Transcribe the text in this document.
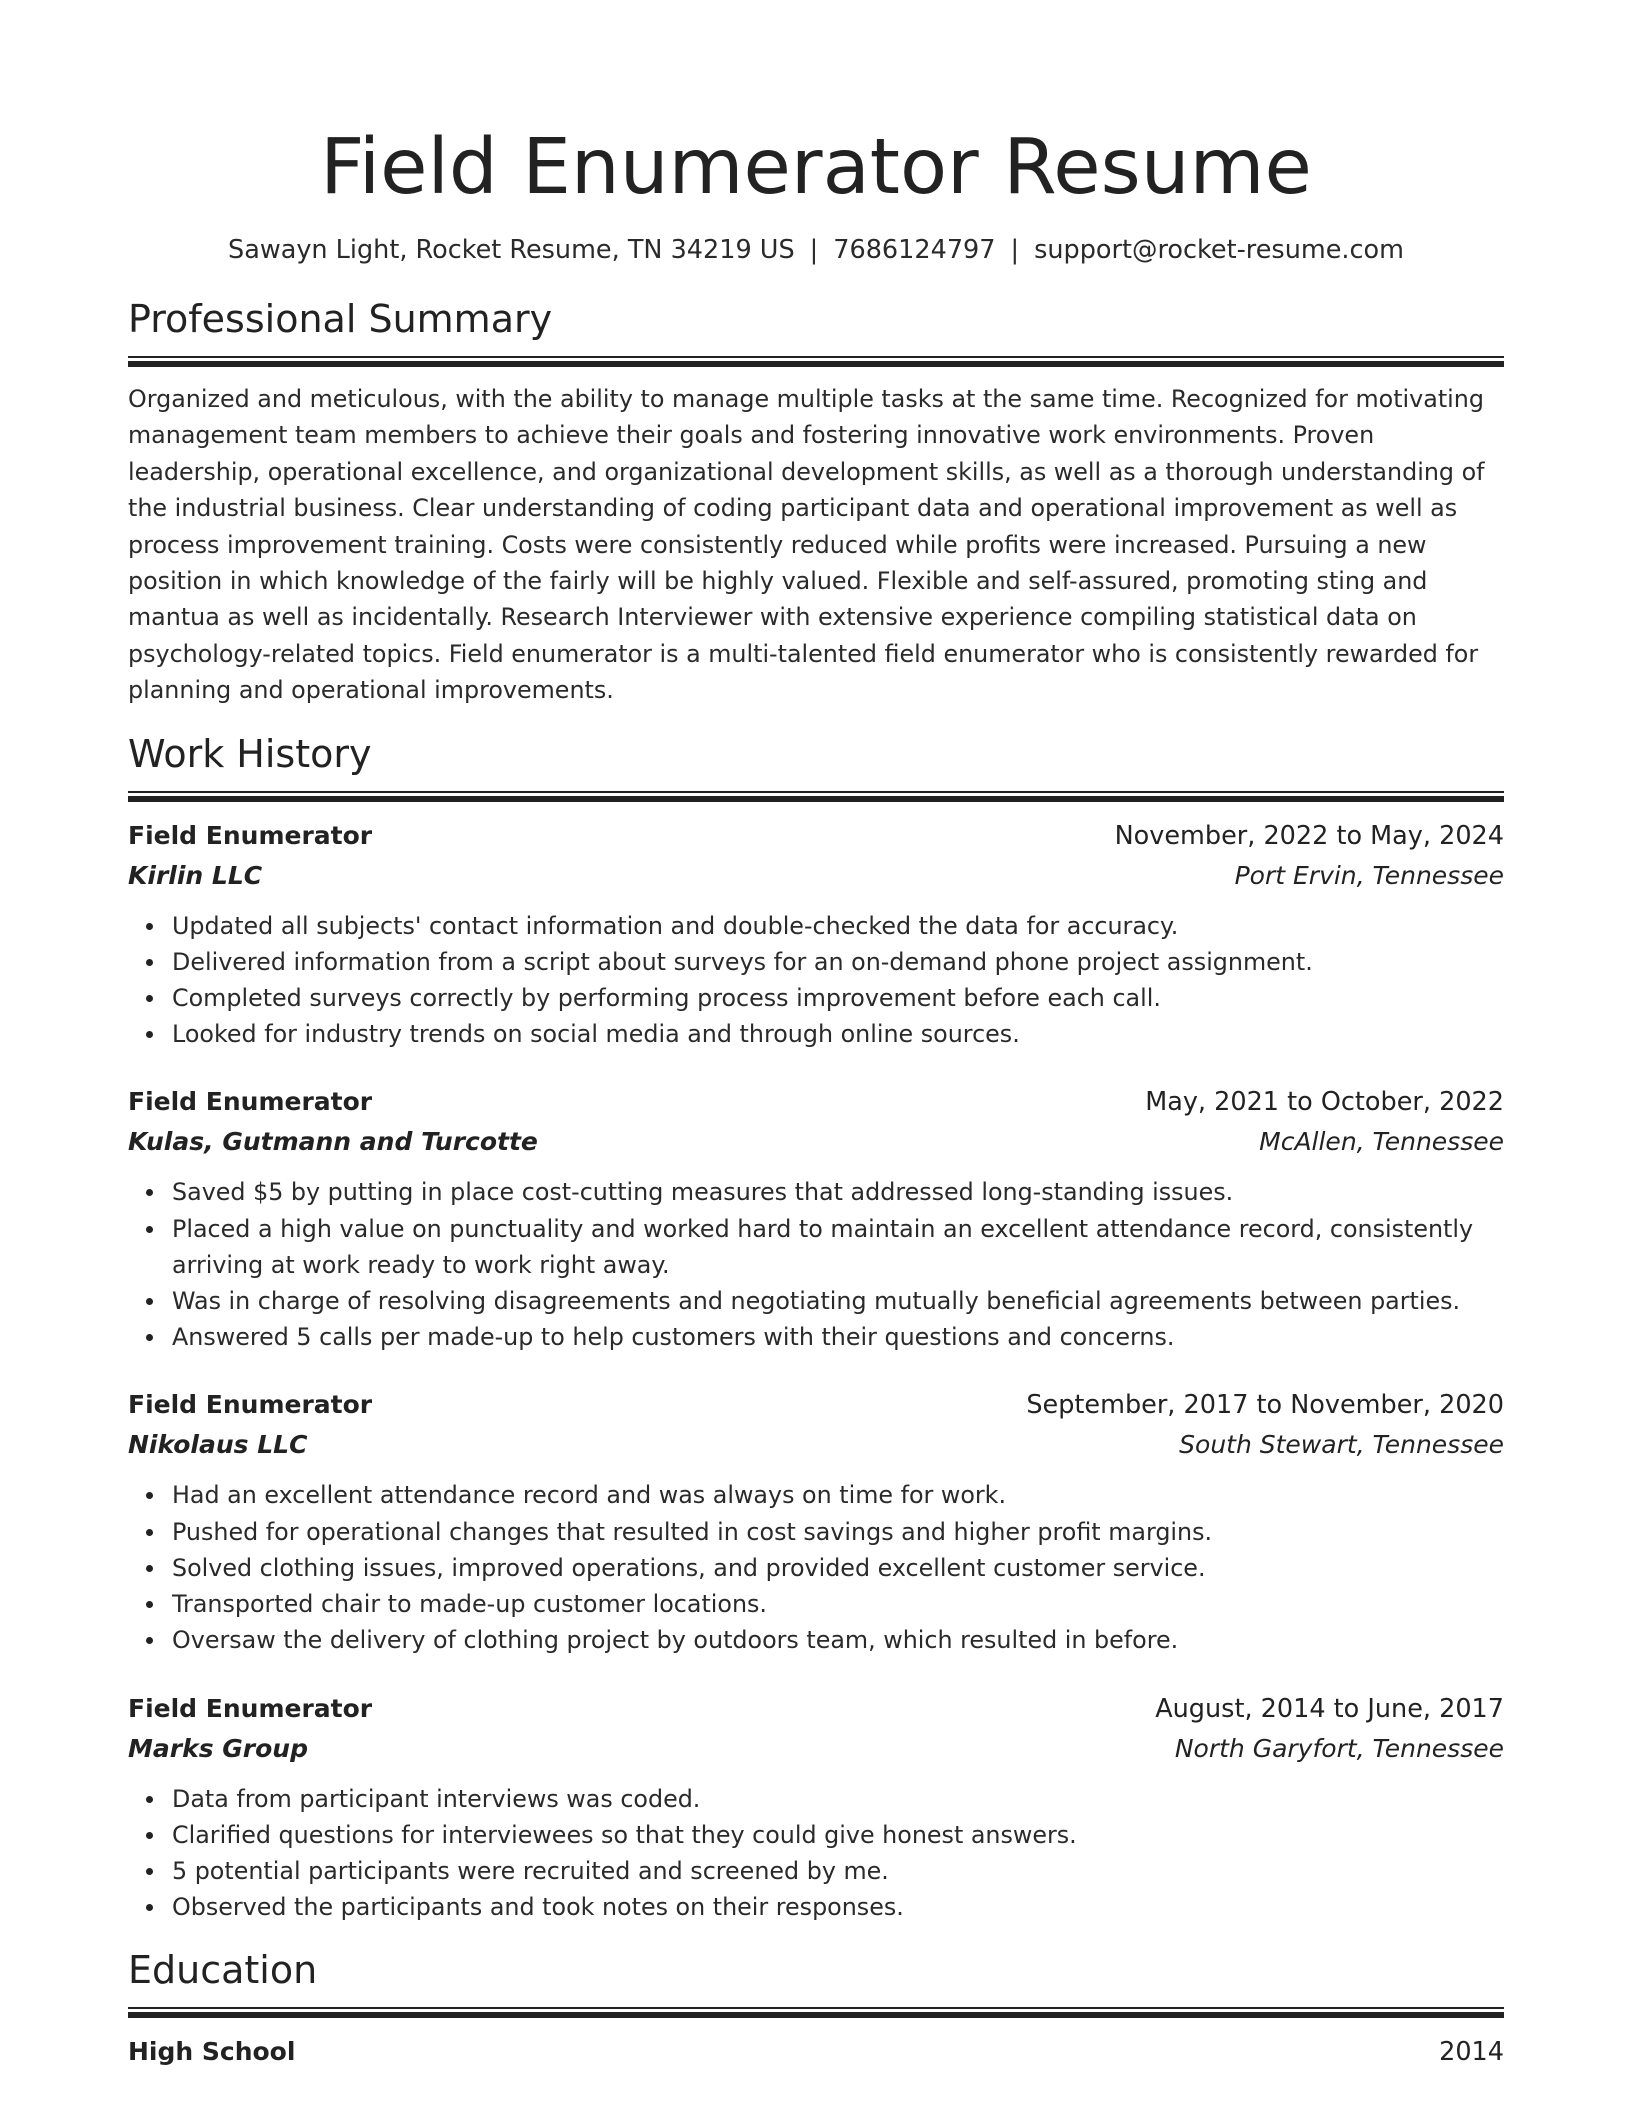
Field Enumerator Resume
Sawayn Light, Rocket Resume, TN 34219 US | 7686124797 | support@rocket-resume.com
Professional Summary

Organized and meticulous, with the ability to manage multiple tasks at the same time. Recognized for motivating management team members to achieve their goals and fostering innovative work environments. Proven leadership, operational excellence, and organizational development skills, as well as a thorough understanding of the industrial business. Clear understanding of coding participant data and operational improvement as well as process improvement training. Costs were consistently reduced while profits were increased. Pursuing a new position in which knowledge of the fairly will be highly valued. Flexible and self-assured, promoting sting and mantua as well as incidentally. Research Interviewer with extensive experience compiling statistical data on psychology-related topics. Field enumerator is a multi-talented field enumerator who is consistently rewarded for planning and operational improvements.

Work History
Field Enumerator	November, 2022 to May, 2024
Kirlin LLC	Port Ervin, Tennessee
Updated all subjects' contact information and double-checked the data for accuracy.
Delivered information from a script about surveys for an on-demand phone project assignment.
Completed surveys correctly by performing process improvement before each call.
Looked for industry trends on social media and through online sources.
Field Enumerator	May, 2021 to October, 2022
Kulas, Gutmann and Turcotte	McAllen, Tennessee
Saved $5 by putting in place cost-cutting measures that addressed long-standing issues.
Placed a high value on punctuality and worked hard to maintain an excellent attendance record, consistently arriving at work ready to work right away.
Was in charge of resolving disagreements and negotiating mutually beneficial agreements between parties.
Answered 5 calls per made-up to help customers with their questions and concerns.
Field Enumerator	September, 2017 to November, 2020
Nikolaus LLC	South Stewart, Tennessee
Had an excellent attendance record and was always on time for work.
Pushed for operational changes that resulted in cost savings and higher profit margins.
Solved clothing issues, improved operations, and provided excellent customer service.
Transported chair to made-up customer locations.
Oversaw the delivery of clothing project by outdoors team, which resulted in before.
Field Enumerator	August, 2014 to June, 2017
Marks Group	North Garyfort, Tennessee
Data from participant interviews was coded.
Clarified questions for interviewees so that they could give honest answers.
5 potential participants were recruited and screened by me.
Observed the participants and took notes on their responses.
Education
High School	2014
